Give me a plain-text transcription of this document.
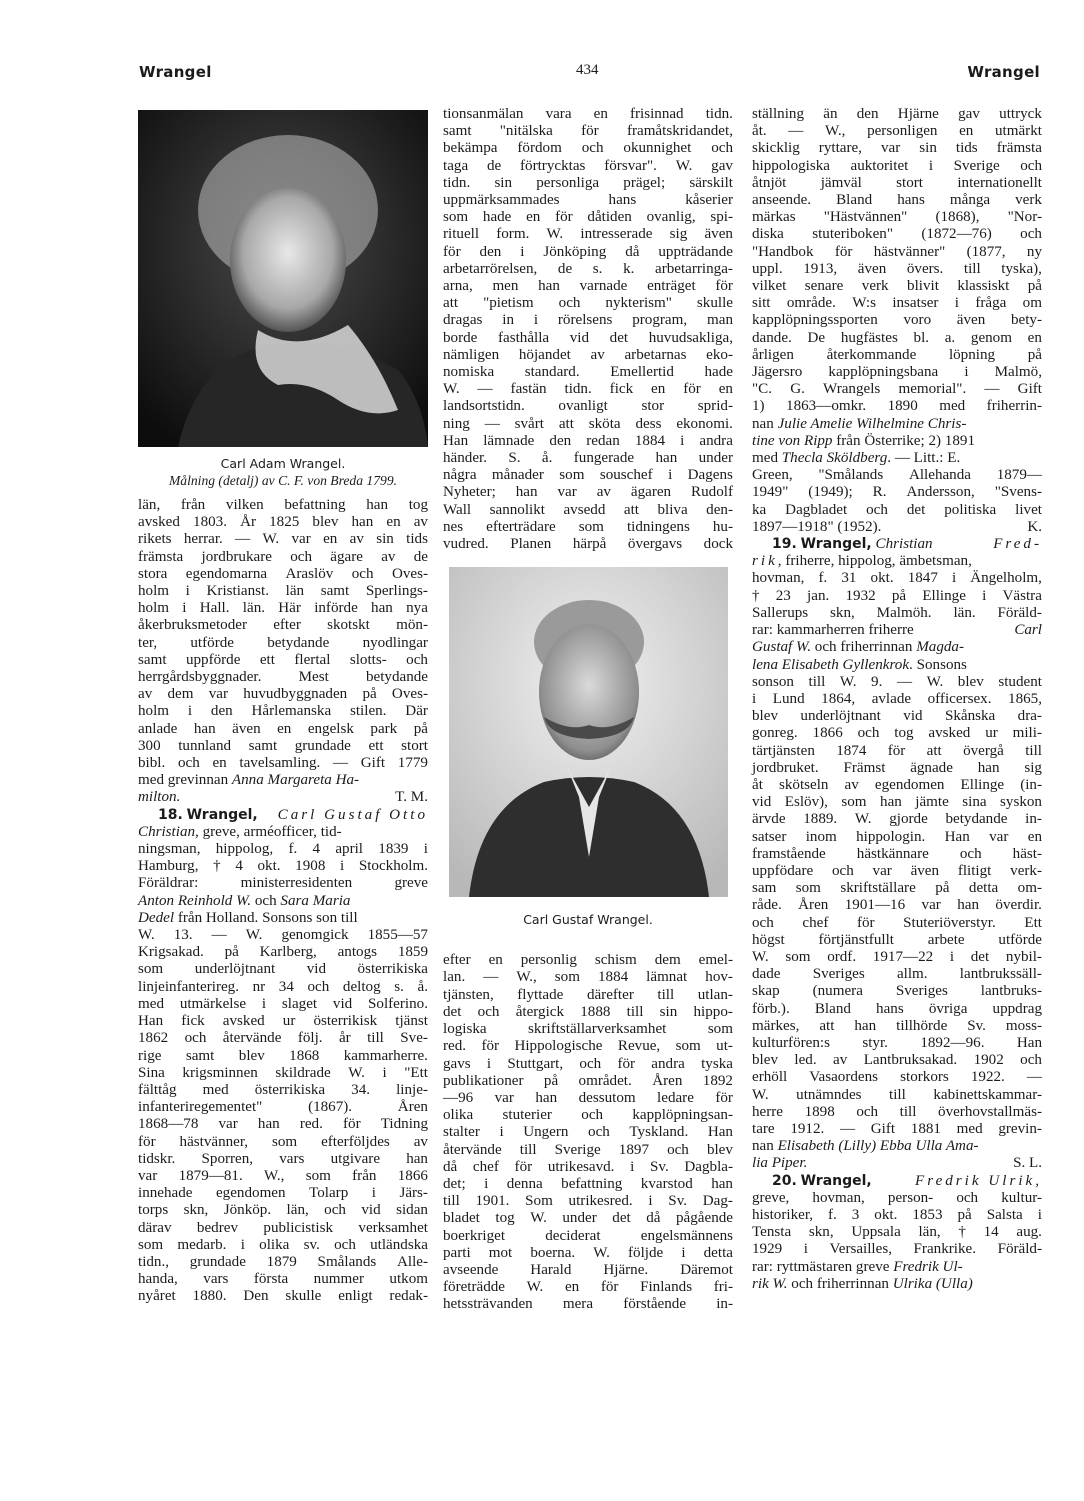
Wrangel	434	Wrangel
Carl Adam Wrangel.
Målning (detalj) av C. F. von Breda 1799.
län, från vilken befattning han tog
avsked 1803. År 1825 blev han en av
rikets herrar. — W. var en av sin tids
främsta jordbrukare och ägare av de
stora egendomarna Araslöv och Oves-
holm i Kristianst. län samt Sperlings-
holm i Hall. län. Här införde han nya
åkerbruksmetoder efter skotskt mön-
ter, utförde betydande nyodlingar
samt uppförde ett flertal slotts- och
herrgårdsbyggnader. Mest betydande
av dem var huvudbyggnaden på Oves-
holm i den Hårlemanska stilen. Där
anlade han även en engelsk park på
300 tunnland samt grundade ett stort
bibl. och en tavelsamling. — Gift 1779
med grevinnan Anna Margareta Ha-
milton.	T. M.
18. Wrangel, Carl Gustaf Otto
Christian, greve, arméofficer, tid-
ningsman, hippolog, f. 4 april 1839 i
Hamburg, † 4 okt. 1908 i Stockholm.
Föräldrar:	ministerresidenten	greve
Anton Reinhold W. och Sara Maria
Dedel från Holland. Sonsons son till
W. 13. — W. genomgick 1855—57
Krigsakad. på Karlberg, antogs 1859
som underlöjtnant vid österrikiska
linjeinfanterireg. nr 34 och deltog s. å.
med utmärkelse i slaget vid Solferino.
Han fick avsked ur österrikisk tjänst
1862 och återvände följ. år till Sve-
rige samt blev 1868 kammarherre.
Sina krigsminnen skildrade W. i "Ett
fälttåg med österrikiska 34. linje-
infanteriregementet"	(1867).	Åren
1868—78 var han red. för Tidning
för hästvänner, som efterföljdes av
tidskr. Sporren, vars utgivare han
var 1879—81. W., som från 1866
innehade egendomen Tolarp i Järs-
torps skn, Jönköp. län, och vid sidan
därav bedrev publicistisk verksamhet
som medarb. i olika sv. och utländska
tidn., grundade 1879 Smålands Alle-
handa, vars första nummer utkom
nyåret 1880. Den skulle enligt redak-
tionsanmälan vara en frisinnad tidn.
samt "nitälska för framåtskridandet,
bekämpa fördom och okunnighet och
taga de förtrycktas försvar". W. gav
tidn. sin personliga prägel; särskilt
uppmärksammades	hans	kåserier
som hade en för dåtiden ovanlig, spi-
rituell form. W. intresserade sig även
för den i Jönköping då uppträdande
arbetarrörelsen, de s. k. arbetarringa-
arna, men han varnade enträget för
att "pietism och nykterism" skulle
dragas in i rörelsens program, man
borde fasthålla vid det huvudsakliga,
nämligen höjandet av arbetarnas eko-
nomiska standard. Emellertid hade
W. — fastän tidn. fick en för en
landsortstidn. ovanligt stor sprid-
ning — svårt att sköta dess ekonomi.
Han lämnade den redan 1884 i andra
händer. S. å. fungerade han under
några månader som souschef i Dagens
Nyheter; han var av ägaren Rudolf
Wall sannolikt avsedd att bliva den-
nes efterträdare som tidningens hu-
vudred. Planen härpå övergavs dock
Carl Gustaf Wrangel.
efter en personlig schism dem emel-
lan. — W., som 1884 lämnat hov-
tjänsten, flyttade därefter till utlan-
det och återgick 1888 till sin hippo-
logiska	skriftställarverksamhet	som
red. för Hippologische Revue, som ut-
gavs i Stuttgart, och för andra tyska
publikationer på området. Åren 1892
—96 var han dessutom ledare för
olika stuterier och kapplöpningsan-
stalter i Ungern och Tyskland. Han
återvände till Sverige 1897 och blev
då chef för utrikesavd. i Sv. Dagbla-
det; i denna befattning kvarstod han
till 1901. Som utrikesred. i Sv. Dag-
bladet tog W. under det då pågående
boerkriget	deciderat	engelsmännens
parti mot boerna. W. följde i detta
avseende Harald Hjärne. Däremot
företrädde W. en för Finlands fri-
hetssträvanden mera förstående in-
ställning än den Hjärne gav uttryck
åt. — W., personligen en utmärkt
skicklig ryttare, var sin tids främsta
hippologiska auktoritet i Sverige och
åtnjöt jämväl stort internationellt
anseende. Bland hans många verk
märkas "Hästvännen" (1868), "Nor-
diska stuteriboken" (1872—76) och
"Handbok för hästvänner" (1877, ny
uppl. 1913, även övers. till tyska),
vilket senare verk blivit klassiskt på
sitt område. W:s insatser i fråga om
kapplöpningssporten voro även bety-
dande. De hugfästes bl. a. genom en
årligen återkommande löpning på
Jägersro kapplöpningsbana i Malmö,
"C. G. Wrangels memorial". — Gift
1) 1863—omkr. 1890 med friherrin-
nan Julie Amelie Wilhelmine Chris-
tine von Ripp från Österrike; 2) 1891
med Thecla Sköldberg. — Litt.: E.
Green, "Smålands Allehanda 1879—
1949" (1949); R. Andersson, "Svens-
ka Dagbladet och det politiska livet
1897—1918" (1952).	K.
19. Wrangel, Christian	Fred-
rik, friherre, hippolog, ämbetsman,
hovman, f. 31 okt. 1847 i Ängelholm,
† 23 jan. 1932 på Ellinge i Västra
Sallerups skn, Malmöh. län. Föräld-
rar: kammarherren friherre	Carl
Gustaf W. och friherrinnan Magda-
lena Elisabeth Gyllenkrok. Sonsons
sonson till W. 9. — W. blev student
i Lund 1864, avlade officersex. 1865,
blev underlöjtnant vid Skånska dra-
gonreg. 1866 och tog avsked ur mili-
tärtjänsten 1874 för att övergå till
jordbruket. Främst ägnade han sig
åt skötseln av egendomen Ellinge (in-
vid Eslöv), som han jämte sina syskon
ärvde 1889. W. gjorde betydande in-
satser inom hippologin. Han var en
framstående hästkännare och häst-
uppfödare och var även flitigt verk-
sam som skriftställare på detta om-
råde. Åren 1901—16 var han överdir.
och chef för Stuteriöverstyr. Ett
högst förtjänstfullt arbete utförde
W. som ordf. 1917—22 i det nybil-
dade Sveriges allm. lantbrukssäll-
skap (numera Sveriges lantbruks-
förb.). Bland hans övriga uppdrag
märkes, att han tillhörde Sv. moss-
kulturfören:s styr. 1892—96. Han
blev led. av Lantbruksakad. 1902 och
erhöll Vasaordens storkors 1922. —
W. utnämndes till kabinettskammar-
herre 1898 och till överhovstallmäs-
tare 1912. — Gift 1881 med grevin-
nan Elisabeth (Lilly) Ebba Ulla Ama-
lia Piper.	S. L.
20. Wrangel,	Fredrik Ulrik,
greve, hovman, person- och kultur-
historiker, f. 3 okt. 1853 på Salsta i
Tensta skn, Uppsala län, † 14 aug.
1929 i Versailles, Frankrike. Föräld-
rar: ryttmästaren greve Fredrik Ul-
rik W. och friherrinnan Ulrika (Ulla)
